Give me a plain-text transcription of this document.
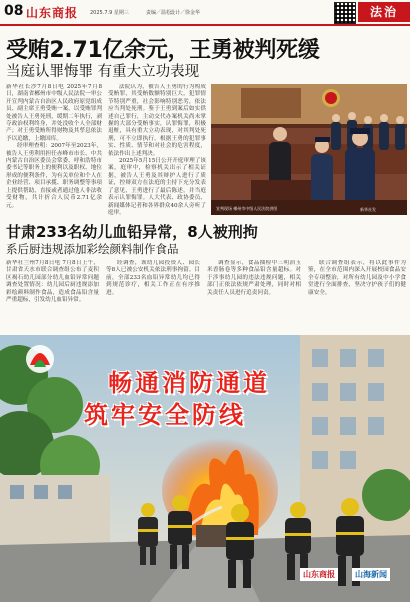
08 山东商报 2025.7.9 星期三	责编／温松
设计／徐金华	法治
受贿2.71亿余元，王勇被判死缓
当庭认罪悔罪 有重大立功表现

新华社长沙7月8日电 2025年7月8日，湖南省郴州市中级人民法院一审公开宣判内蒙古自治区人民政府原党组成员、副主席王勇受贿一案，以受贿罪判处被告人王勇死刑，缓期二年执行，剥夺政治权利终身，并处没收个人全部财产；对王勇受贿所得财物及其孳息依法予以追缴，上缴国库。

经审理查明：2007年至2023年，被告人王勇利用担任赤峰市市长、中共内蒙古自治区委员会常委、呼和浩特市委书记等职务上的便利以及职权、地位形成的便利条件，为有关单位和个人在企业经营、项目承揽、职务调整等事项上提供帮助，直接或者通过他人非法收受财物，共计折合人民币2.71亿余元。

法院认为，被告人王勇的行为构成受贿罪，其受贿数额特别巨大，犯罪情节特别严重，社会影响特别恶劣，依法应当判处死刑。鉴于王勇到案后如实供述自己罪行，主动交代办案机关尚未掌握的大部分受贿事实，认罪悔罪，积极退赃，具有重大立功表现，对其判处死刑，可不立即执行。根据王勇的犯罪事实、性质、情节和对社会的危害程度，依法作出上述判决。

2025年5月15日公开开庭审理了该案，庭审中，检察机关出示了相关证据，被告人王勇及其辩护人进行了质证，控辩双方在法庭的主持下充分发表了意见，王勇进行了最后陈述，并当庭表示认罪悔罪。人大代表、政协委员、新闻媒体记者和各界群众40余人旁听了庭审。

宣判现场 郴州市中级人民法院供图	新华社发
甘肃233名幼儿血铅异常，8人被刑拘
系后厨违规添加彩绘颜料制作食品

新华社兰州7月8日电 7月8日上午，甘肃省天水市联合调查组公布了麦积区褐石幼儿园部分幼儿血铅异常问题调查处置情况：幼儿园后厨违规添加彩绘颜料制作食品，造成食品铅含量严重超标，引发幼儿血铅异常。

经调查，该幼儿园投资人、园长等8人已被公安机关依法刑事拘留。目前，全部233名血铅异常幼儿均已得到规范诊疗，相关工作正在有序推进。

调查显示，食品抽检中三明治玉米香肠卷等多种食品铅含量超标。对于涉事幼儿园的违法违规问题，相关部门正依法依规严肃处理，同时对相关责任人员进行追责问责。

联合调查组表示，将以此事件为鉴，在全市范围内深入开展校园食品安全专项整治，对所有幼儿园及中小学食堂进行全面排查，坚决守护孩子们的健康安全。

畅通消防通道
筑牢安全防线
山东商报	山海新闻
